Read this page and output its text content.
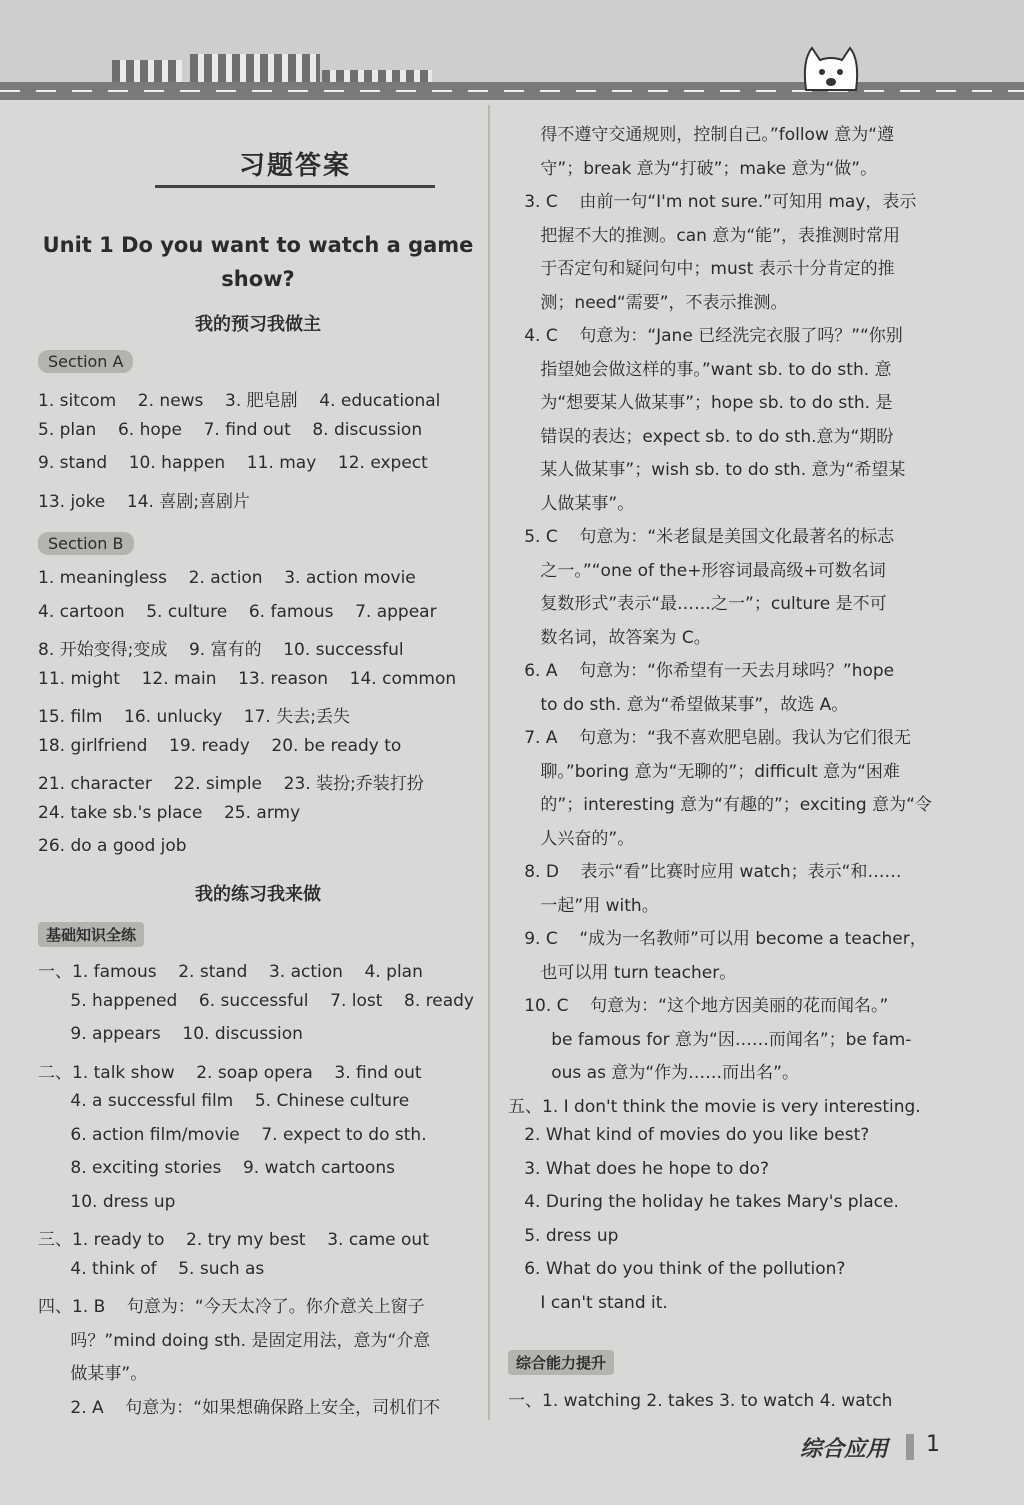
习题答案
Unit 1 Do you want to watch a game
show?
我的预习我做主
Section A
1. sitcom    2. news    3. 肥皂剧    4. educational
5. plan    6. hope    7. find out    8. discussion
9. stand    10. happen    11. may    12. expect
13. joke    14. 喜剧;喜剧片
Section B
1. meaningless    2. action    3. action movie
4. cartoon    5. culture    6. famous    7. appear
8. 开始变得;变成    9. 富有的    10. successful
11. might    12. main    13. reason    14. common
15. film    16. unlucky    17. 失去;丢失
18. girlfriend    19. ready    20. be ready to
21. character    22. simple    23. 装扮;乔装打扮
24. take sb.'s place    25. army
26. do a good job
我的练习我来做
基础知识全练
一、1. famous    2. stand    3. action    4. plan
5. happened    6. successful    7. lost    8. ready
9. appears    10. discussion
二、1. talk show    2. soap opera    3. find out
4. a successful film    5. Chinese culture
6. action film/movie    7. expect to do sth.
8. exciting stories    9. watch cartoons
10. dress up
三、1. ready to    2. try my best    3. came out
4. think of    5. such as
四、1. B    句意为：“今天太冷了。你介意关上窗子
吗？”mind doing sth. 是固定用法，意为“介意
做某事”。
2. A    句意为：“如果想确保路上安全，司机们不
得不遵守交通规则，控制自己。”follow 意为“遵
守”；break 意为“打破”；make 意为“做”。
3. C    由前一句“I'm not sure.”可知用 may，表示
把握不大的推测。can 意为“能”，表推测时常用
于否定句和疑问句中；must 表示十分肯定的推
测；need“需要”，不表示推测。
4. C    句意为：“Jane 已经洗完衣服了吗？”“你别
指望她会做这样的事。”want sb. to do sth. 意
为“想要某人做某事”；hope sb. to do sth. 是
错误的表达；expect sb. to do sth.意为“期盼
某人做某事”；wish sb. to do sth. 意为“希望某
人做某事”。
5. C    句意为：“米老鼠是美国文化最著名的标志
之一。”“one of the+形容词最高级+可数名词
复数形式”表示“最……之一”；culture 是不可
数名词，故答案为 C。
6. A    句意为：“你希望有一天去月球吗？”hope
to do sth. 意为“希望做某事”，故选 A。
7. A    句意为：“我不喜欢肥皂剧。我认为它们很无
聊。”boring 意为“无聊的”；difficult 意为“困难
的”；interesting 意为“有趣的”；exciting 意为“令
人兴奋的”。
8. D    表示“看”比赛时应用 watch；表示“和……
一起”用 with。
9. C    “成为一名教师”可以用 become a teacher，
也可以用 turn teacher。
10. C    句意为：“这个地方因美丽的花而闻名。”
be famous for 意为“因……而闻名”；be fam-
ous as 意为“作为……而出名”。
五、1. I don't think the movie is very interesting.
2. What kind of movies do you like best?
3. What does he hope to do?
4. During the holiday he takes Mary's place.
5. dress up
6. What do you think of the pollution?
I can't stand it.
综合能力提升
一、1. watching 2. takes 3. to watch 4. watch
综合应用 1
